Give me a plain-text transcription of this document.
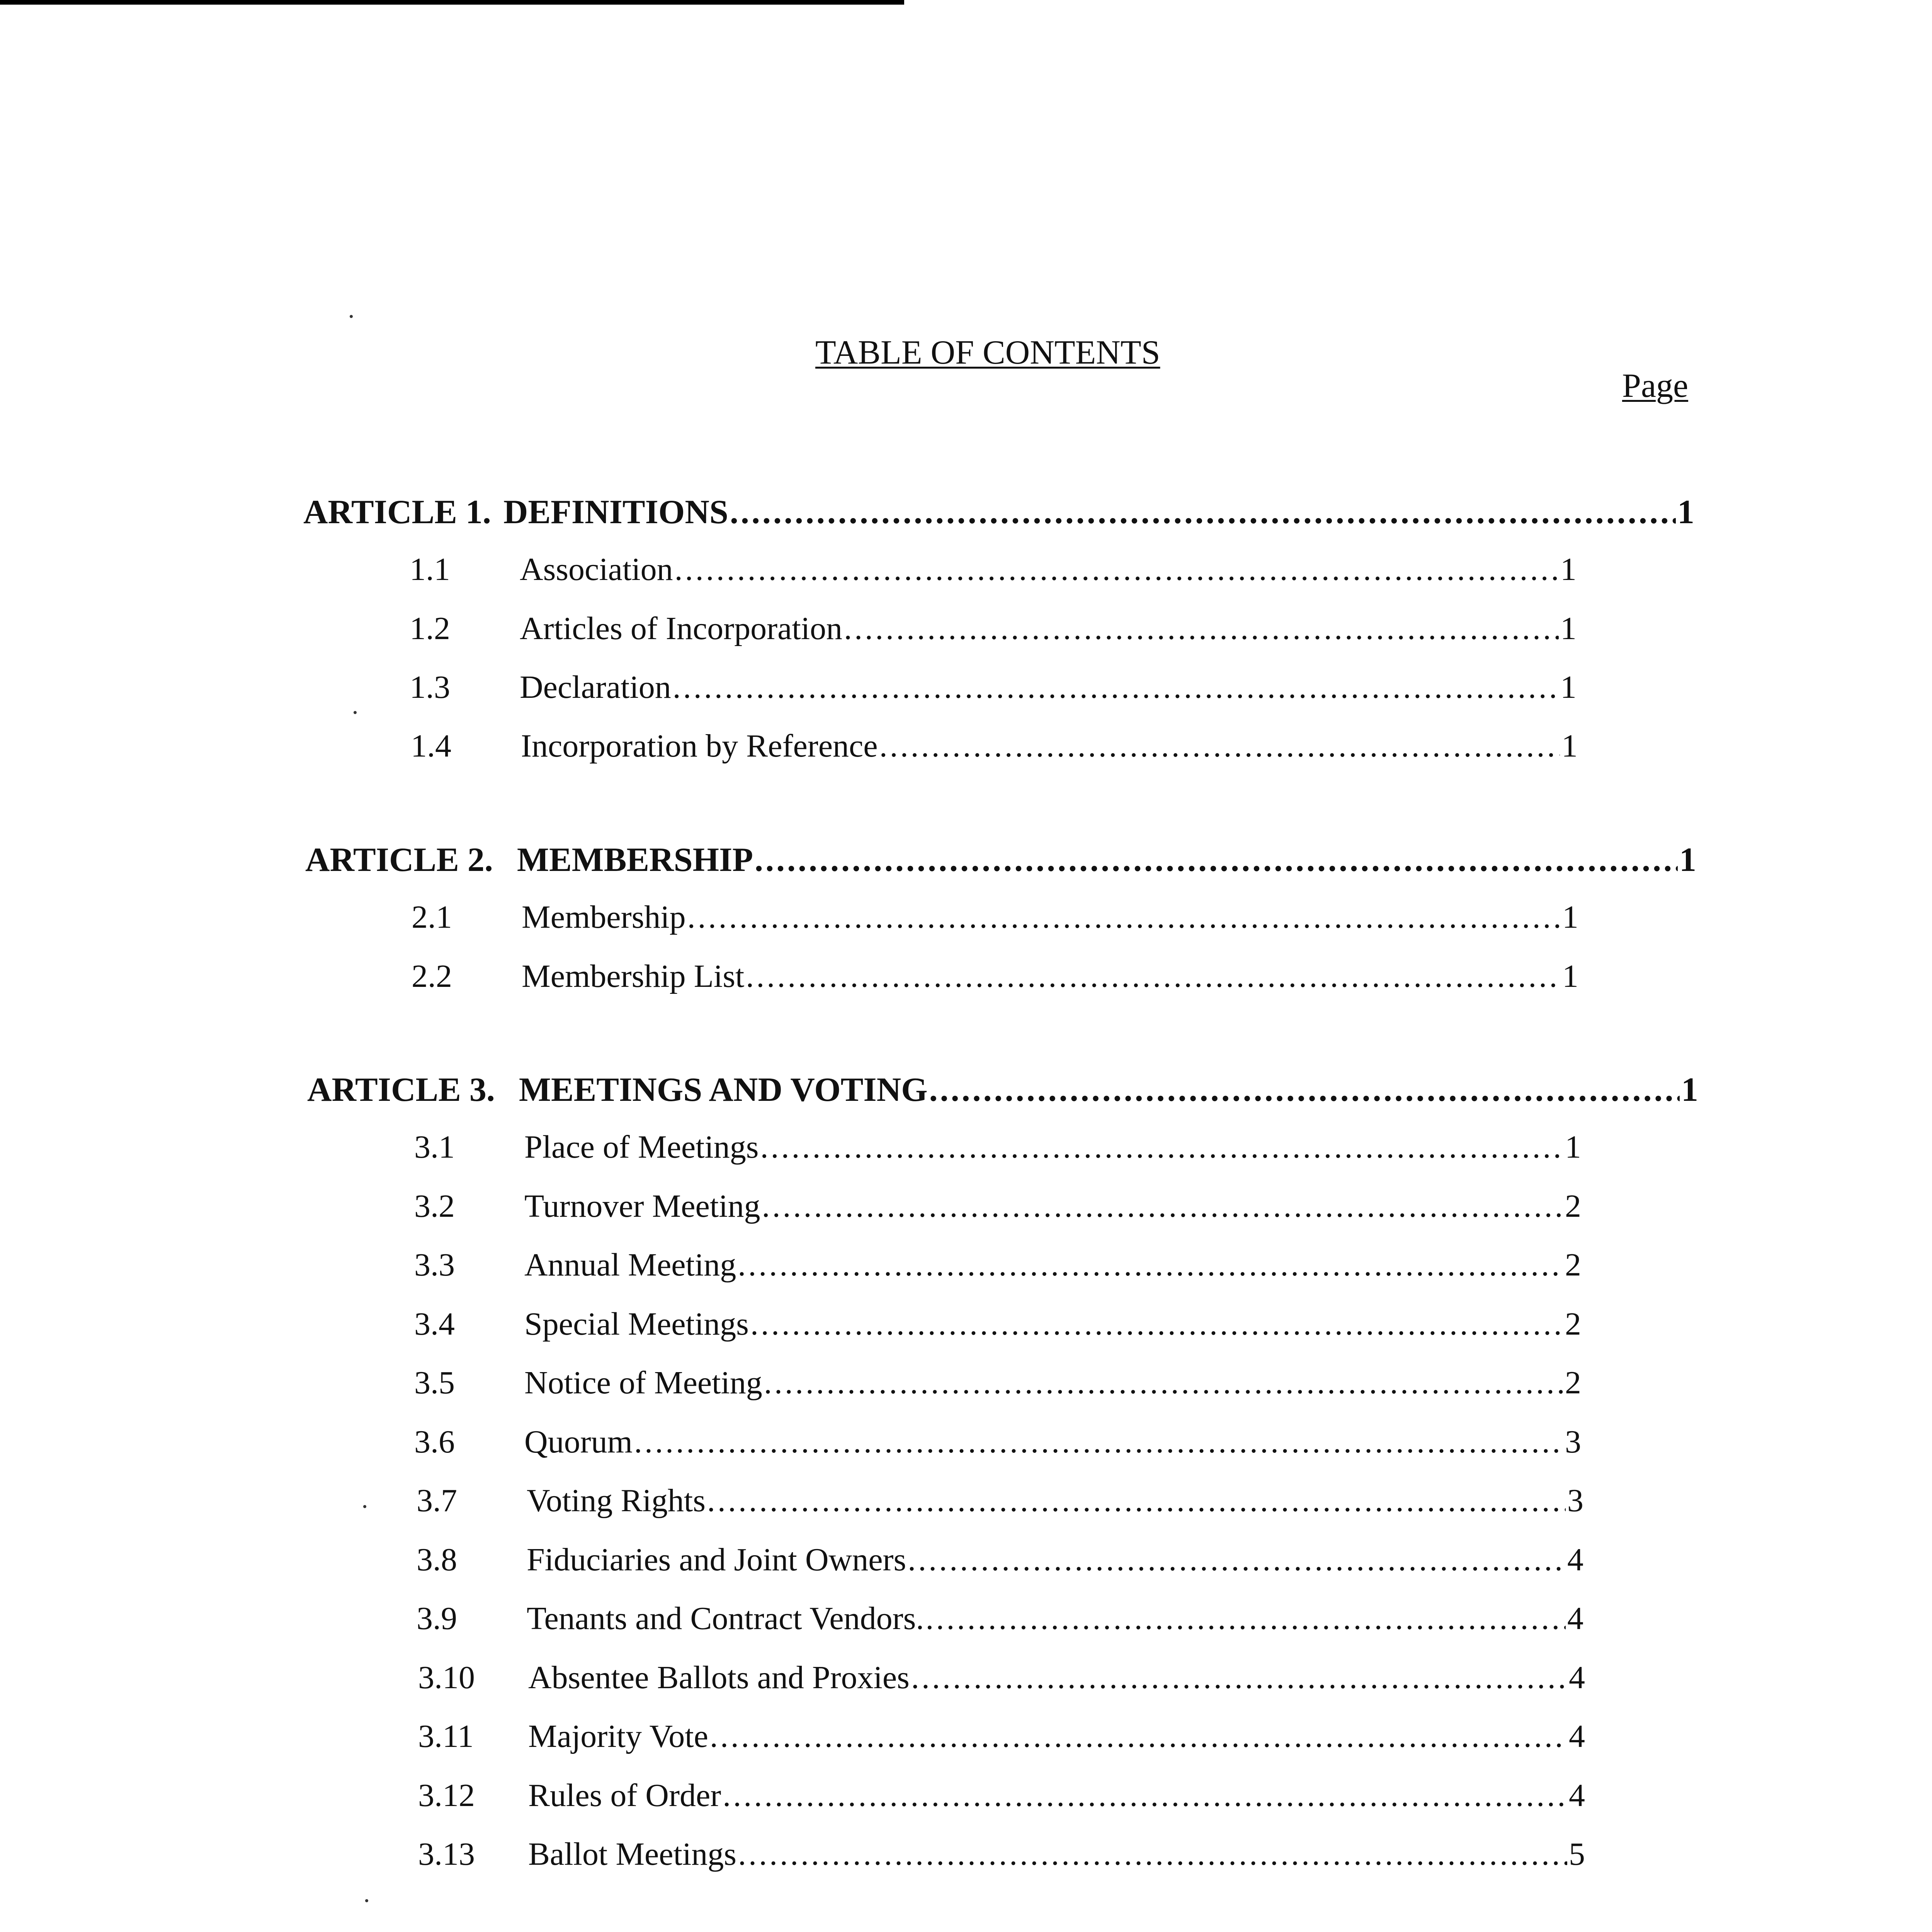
TABLE OF CONTENTS
Page
ARTICLE 1. DEFINITIONS .....	1
1.1	Association .....	1
1.2	Articles of Incorporation .....	1
1.3	Declaration .....	1
1.4	Incorporation by Reference .....	1
ARTICLE 2. MEMBERSHIP .....	1
2.1	Membership .....	1
2.2	Membership List .....	1
ARTICLE 3. MEETINGS AND VOTING .....	1
3.1	Place of Meetings .....	1
3.2	Turnover Meeting .....	2
3.3	Annual Meeting .....	2
3.4	Special Meetings .....	2
3.5	Notice of Meeting .....	2
3.6	Quorum .....	3
3.7	Voting Rights .....	3
3.8	Fiduciaries and Joint Owners .....	4
3.9	Tenants and Contract Vendors. .....	4
3.10	Absentee Ballots and Proxies .....	4
3.11	Majority Vote .....	4
3.12	Rules of Order .....	4
3.13	Ballot Meetings .....	5
